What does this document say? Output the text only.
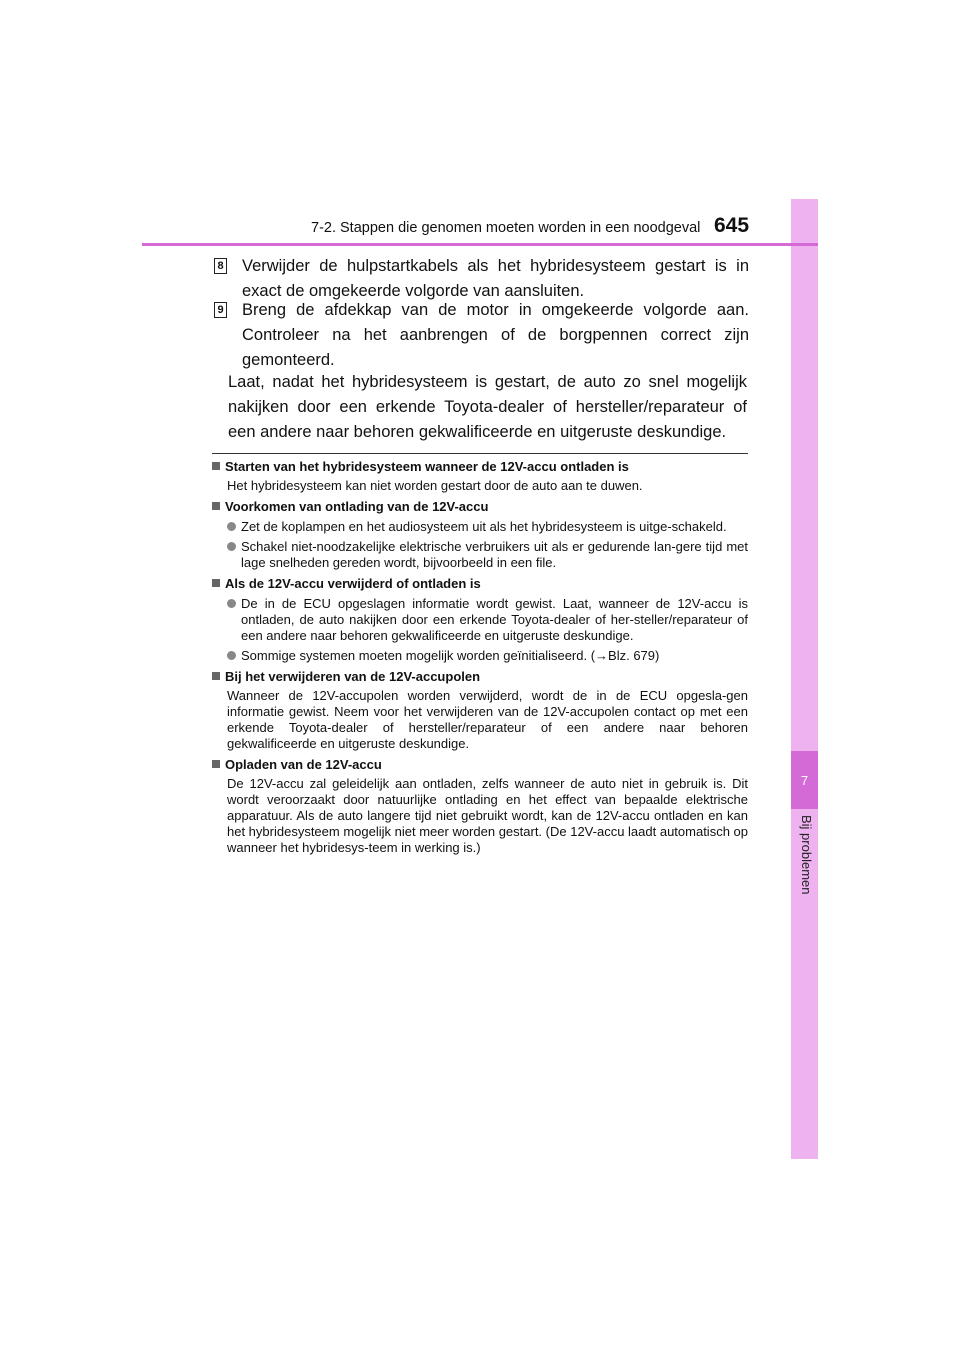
7
Bij problemen
7-2. Stappen die genomen moeten worden in een noodgeval 645
8 Verwijder de hulpstartkabels als het hybridesysteem gestart is in exact de omgekeerde volgorde van aansluiten.
9 Breng de afdekkap van de motor in omgekeerde volgorde aan. Controleer na het aanbrengen of de borgpennen correct zijn gemonteerd.
Laat, nadat het hybridesysteem is gestart, de auto zo snel mogelijk nakijken door een erkende Toyota-dealer of hersteller/reparateur of een andere naar behoren gekwalificeerde en uitgeruste deskundige.
Starten van het hybridesysteem wanneer de 12V-accu ontladen is
Het hybridesysteem kan niet worden gestart door de auto aan te duwen.
Voorkomen van ontlading van de 12V-accu
Zet de koplampen en het audiosysteem uit als het hybridesysteem is uitge-schakeld.
Schakel niet-noodzakelijke elektrische verbruikers uit als er gedurende lan-gere tijd met lage snelheden gereden wordt, bijvoorbeeld in een file.
Als de 12V-accu verwijderd of ontladen is
De in de ECU opgeslagen informatie wordt gewist. Laat, wanneer de 12V-accu is ontladen, de auto nakijken door een erkende Toyota-dealer of her-steller/reparateur of een andere naar behoren gekwalificeerde en uitgeruste deskundige.
Sommige systemen moeten mogelijk worden geïnitialiseerd. (→Blz. 679)
Bij het verwijderen van de 12V-accupolen
Wanneer de 12V-accupolen worden verwijderd, wordt de in de ECU opgesla-gen informatie gewist. Neem voor het verwijderen van de 12V-accupolen contact op met een erkende Toyota-dealer of hersteller/reparateur of een andere naar behoren gekwalificeerde en uitgeruste deskundige.
Opladen van de 12V-accu
De 12V-accu zal geleidelijk aan ontladen, zelfs wanneer de auto niet in gebruik is. Dit wordt veroorzaakt door natuurlijke ontlading en het effect van bepaalde elektrische apparatuur. Als de auto langere tijd niet gebruikt wordt, kan de 12V-accu ontladen en kan het hybridesysteem mogelijk niet meer worden gestart. (De 12V-accu laadt automatisch op wanneer het hybridesys-teem in werking is.)
